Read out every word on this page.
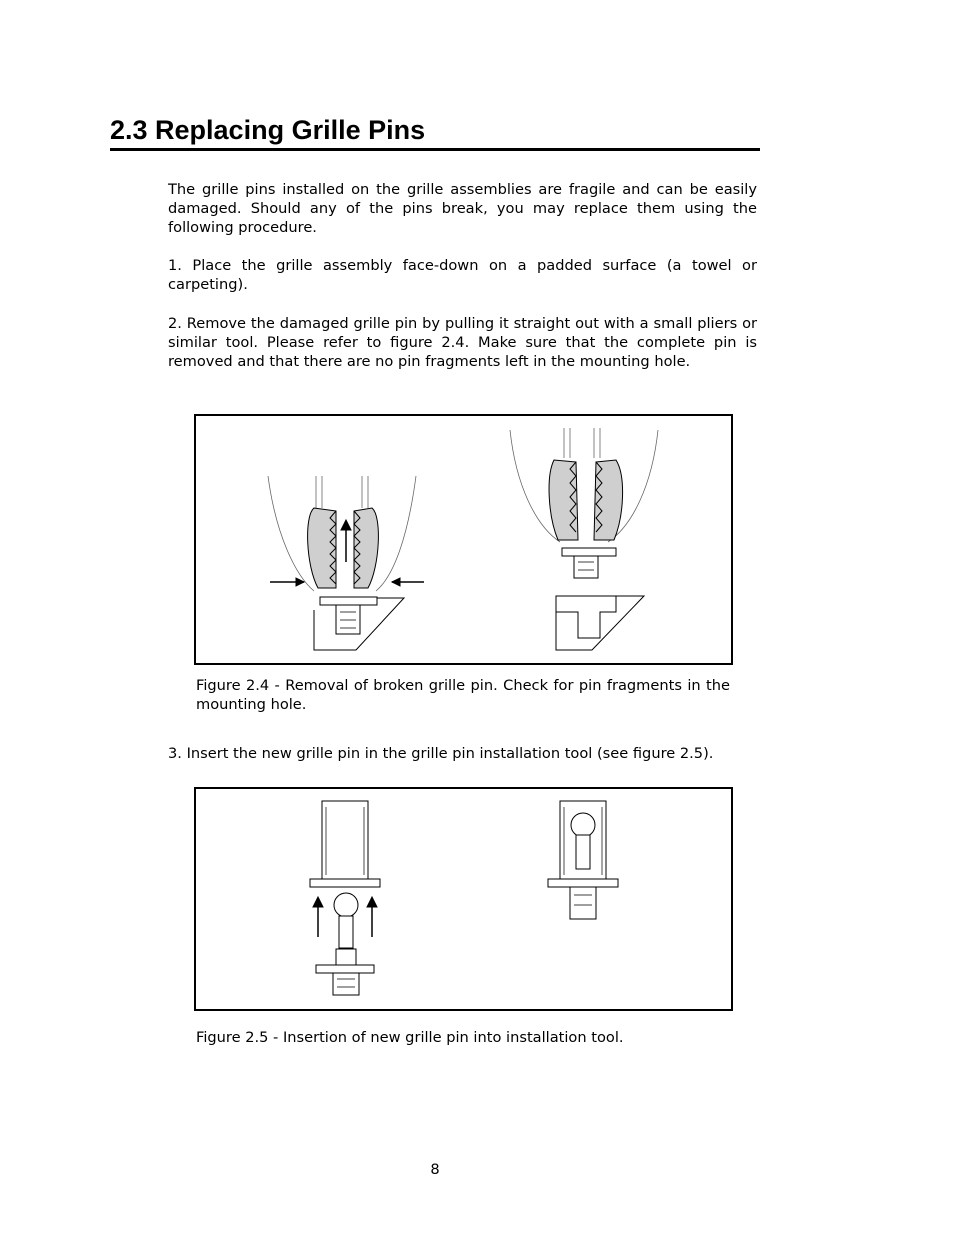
2.3 Replacing Grille Pins

The grille pins installed on the grille assemblies are fragile and can be easily damaged. Should any of the pins break, you may replace them using the following procedure.

1. Place the grille assembly face-down on a padded surface (a towel or carpeting).

2. Remove the damaged grille pin by pulling it straight out with a small pliers or similar tool. Please refer to figure 2.4. Make sure that the complete pin is removed and that there are no pin fragments left in the mounting hole.

Figure 2.4 - Removal of broken grille pin. Check for pin fragments in the mounting hole.

3. Insert the new grille pin in the grille pin installation tool (see figure 2.5).

Figure 2.5 - Insertion of new grille pin into installation tool.

8
